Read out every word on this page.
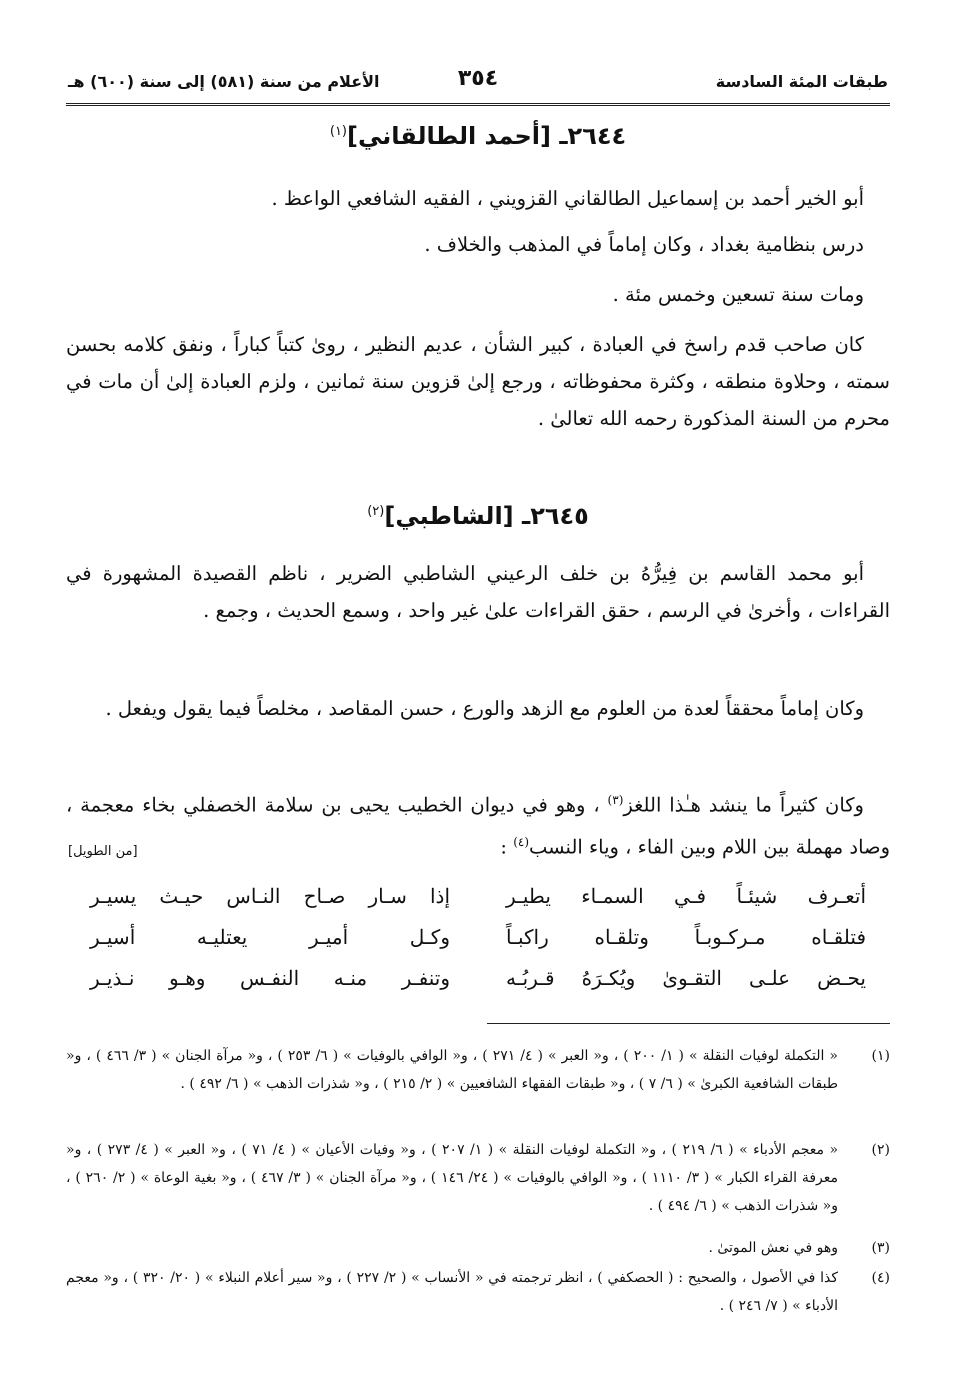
طبقات المئة السادسة
٣٥٤
الأعلام من سنة (٥٨١) إلى سنة (٦٠٠) هـ
٢٦٤٤ـ [أحمد الطالقاني]$^{(١)}$
أبو الخير أحمد بن إسماعيل الطالقاني القزويني ، الفقيه الشافعي الواعظ .
درس بنظامية بغداد ، وكان إماماً في المذهب والخلاف .
ومات سنة تسعين وخمس مئة .
كان صاحب قدم راسخ في العبادة ، كبير الشأن ، عديم النظير ، روىٰ كتباً كباراً ، ونفق كلامه بحسن سمته ، وحلاوة منطقه ، وكثرة محفوظاته ، ورجع إلىٰ قزوين سنة ثمانين ، ولزم العبادة إلىٰ أن مات في محرم من السنة المذكورة رحمه الله تعالىٰ .
٢٦٤٥ـ [الشاطبي]$^{(٢)}$
أبو محمد القاسم بن فِيرُّهُ بن خلف الرعيني الشاطبي الضرير ، ناظم القصيدة المشهورة في القراءات ، وأخرىٰ في الرسم ، حقق القراءات علىٰ غير واحد ، وسمع الحديث ، وجمع .
وكان إماماً محققاً لعدة من العلوم مع الزهد والورع ، حسن المقاصد ، مخلصاً فيما يقول ويفعل .
وكان كثيراً ما ينشد هـٰذا اللغز$^{(٣)}$ ، وهو في ديوان الخطيب يحيى بن سلامة الخصفلي بخاء معجمة ، وصاد مهملة بين اللام وبين الفاء ، وياء النسب$^{(٤)}$ :
[من الطويل]
أتعـرف شيئـاً فـي السمـاء يطيـر
إذا سـار صـاح النـاس حيـث يسيـر
فتلقـاه مـركـوبـاً وتلقـاه راكبـاً
وكـل أميـر يعتليـه أسيـر
يحـض علـى التقـوىٰ ويُكـرَهُ قـربُـه
وتنفـر منـه النفـس وهـو نـذيـر
(١)
« التكملة لوفيات النقلة » ( ١/ ٢٠٠ ) ، و« العبر » ( ٤/ ٢٧١ ) ، و« الوافي بالوفيات » ( ٦/ ٢٥٣ ) ، و« مرآة الجنان » ( ٣/ ٤٦٦ ) ، و« طبقات الشافعية الكبرىٰ » ( ٦/ ٧ ) ، و« طبقات الفقهاء الشافعيين » ( ٢/ ٢١٥ ) ، و« شذرات الذهب » ( ٦/ ٤٩٢ ) .
(٢)
« معجم الأدباء » ( ٦/ ٢١٩ ) ، و« التكملة لوفيات النقلة » ( ١/ ٢٠٧ ) ، و« وفيات الأعيان » ( ٤/ ٧١ ) ، و« العبر » ( ٤/ ٢٧٣ ) ، و« معرفة القراء الكبار » ( ٣/ ١١١٠ ) ، و« الوافي بالوفيات » ( ٢٤/ ١٤٦ ) ، و« مرآة الجنان » ( ٣/ ٤٦٧ ) ، و« بغية الوعاة » ( ٢/ ٢٦٠ ) ، و« شذرات الذهب » ( ٦/ ٤٩٤ ) .
(٣)
وهو في نعش الموتىٰ .
(٤)
كذا في الأصول ، والصحيح : ( الحصكفي ) ، انظر ترجمته في « الأنساب » ( ٢/ ٢٢٧ ) ، و« سير أعلام النبلاء » ( ٢٠/ ٣٢٠ ) ، و« معجم الأدباء » ( ٧/ ٢٤٦ ) .
